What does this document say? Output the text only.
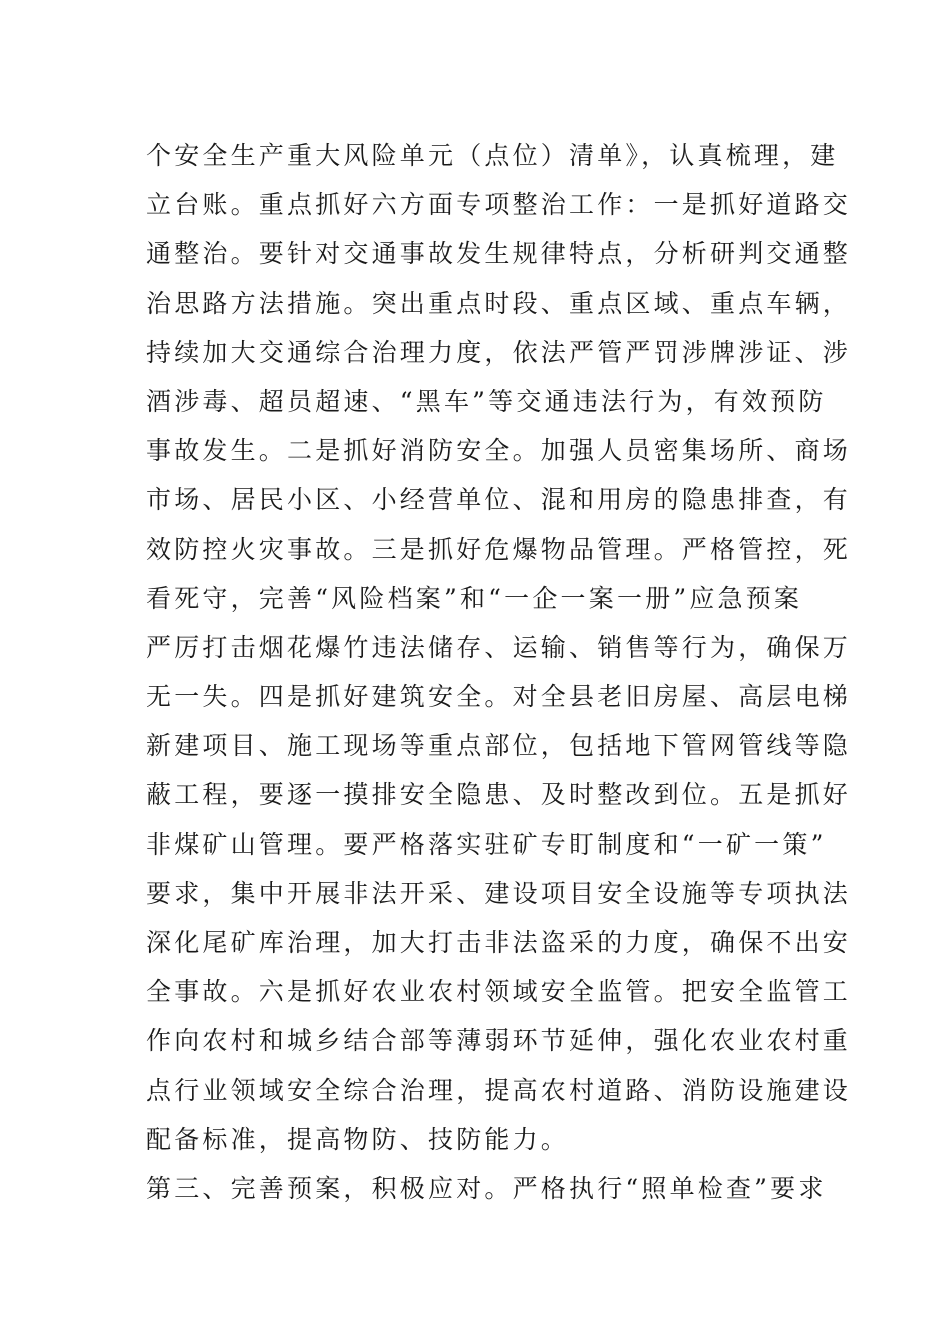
个安全生产重大风险单元（点位）清单》，认真梳理，建
立台账。重点抓好六方面专项整治工作：一是抓好道路交
通整治。要针对交通事故发生规律特点，分析研判交通整
治思路方法措施。突出重点时段、重点区域、重点车辆，
持续加大交通综合治理力度，依法严管严罚涉牌涉证、涉
酒涉毒、超员超速、“黑车”等交通违法行为，有效预防
事故发生。二是抓好消防安全。加强人员密集场所、商场
市场、居民小区、小经营单位、混和用房的隐患排查，有
效防控火灾事故。三是抓好危爆物品管理。严格管控，死
看死守，完善“风险档案”和“一企一案一册”应急预案
严厉打击烟花爆竹违法储存、运输、销售等行为，确保万
无一失。四是抓好建筑安全。对全县老旧房屋、高层电梯
新建项目、施工现场等重点部位，包括地下管网管线等隐
蔽工程，要逐一摸排安全隐患、及时整改到位。五是抓好
非煤矿山管理。要严格落实驻矿专盯制度和“一矿一策”
要求，集中开展非法开采、建设项目安全设施等专项执法
深化尾矿库治理，加大打击非法盗采的力度，确保不出安
全事故。六是抓好农业农村领域安全监管。把安全监管工
作向农村和城乡结合部等薄弱环节延伸，强化农业农村重
点行业领域安全综合治理，提高农村道路、消防设施建设
配备标准，提高物防、技防能力。
第三、完善预案，积极应对。严格执行“照单检查”要求
